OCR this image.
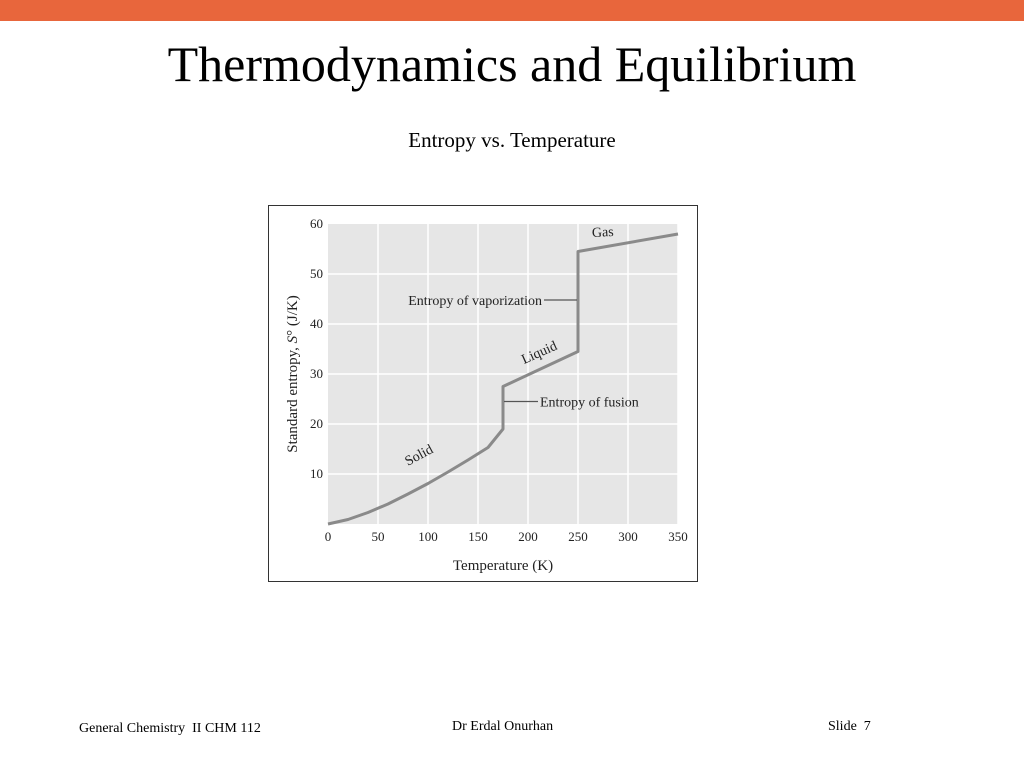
Thermodynamics and Equilibrium
Entropy vs. Temperature
0	50	100 150 200 250 300 350
10
20
30
40
50
60
Solid
Liquid
Gas
Entropy of fusion
Entropy of vaporization
Temperature (K)
Standard entropy, S° (J/K)
General Chemistry  II CHM 112	Dr Erdal Onurhan	Slide  7
